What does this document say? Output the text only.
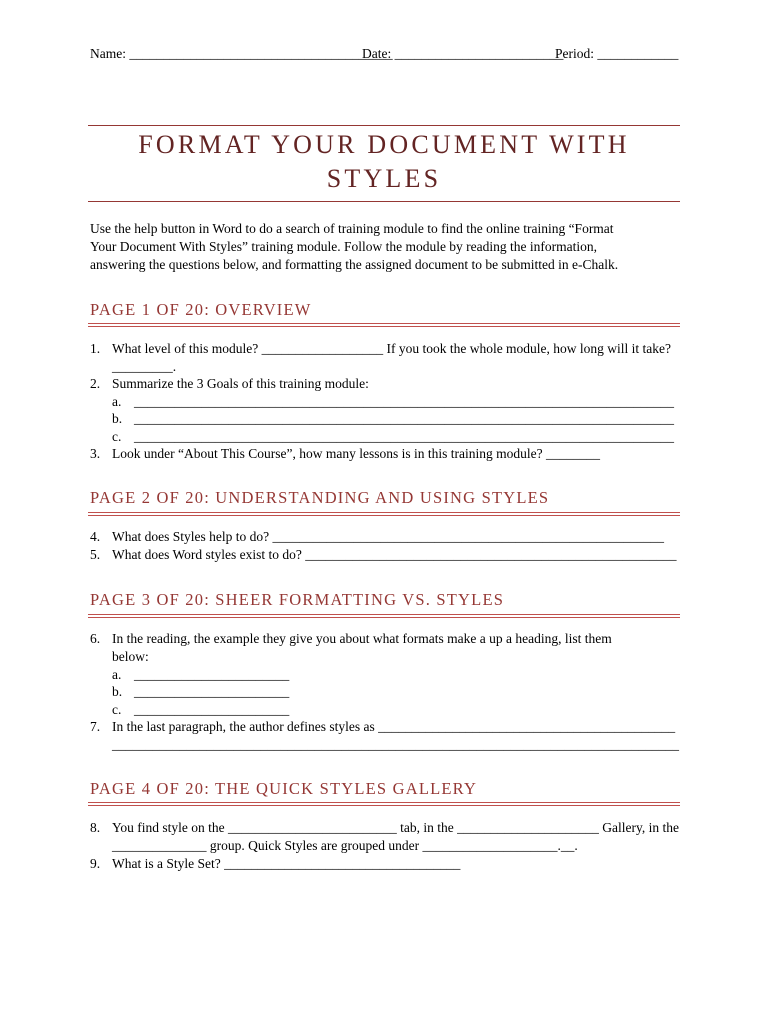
Name: _______________________________________
Date: _________________________
Period: ____________
FORMAT YOUR DOCUMENT WITH
STYLES
Use the help button in Word to do a search of training module to find the online training “Format
Your Document With Styles” training module. Follow the module by reading the information,
answering the questions below, and formatting the assigned document to be submitted in e-Chalk.
PAGE 1 OF 20: OVERVIEW
1. What level of this module? __________________ If you took the whole module, how long will it take?
_________.
2. Summarize the 3 Goals of this training module:
a. ________________________________________________________________________________
b. ________________________________________________________________________________
c. ________________________________________________________________________________
3. Look under “About This Course”, how many lessons is in this training module? ________
PAGE 2 OF 20: UNDERSTANDING AND USING STYLES
4. What does Styles help to do? __________________________________________________________
5. What does Word styles exist to do? _______________________________________________________
PAGE 3 OF 20: SHEER FORMATTING VS. STYLES
6. In the reading, the example they give you about what formats make a up a heading, list them
below:
a. _______________________
b. _______________________
c. _______________________
7. In the last paragraph, the author defines styles as ____________________________________________
____________________________________________________________________________________
PAGE 4 OF 20: THE QUICK STYLES GALLERY
8. You find style on the _________________________ tab, in the _____________________ Gallery, in the
______________ group. Quick Styles are grouped under ____________________.__.
9. What is a Style Set? ___________________________________
